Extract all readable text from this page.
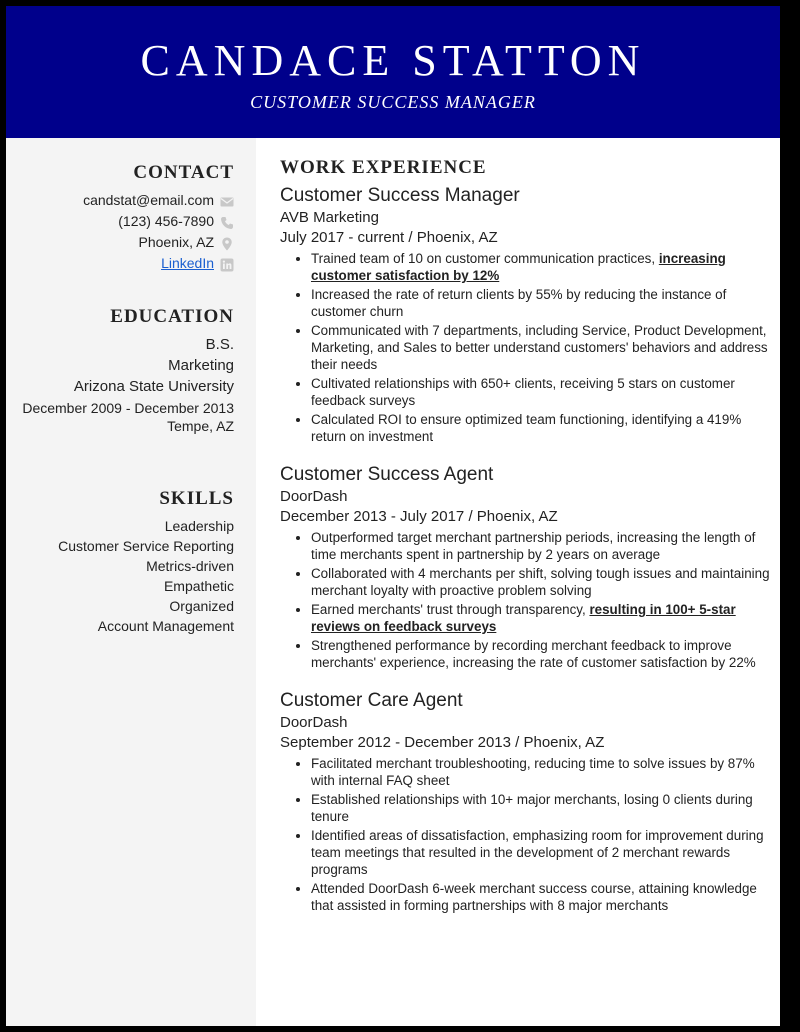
CANDACE STATTON
CUSTOMER SUCCESS MANAGER
CONTACT
candstat@email.com
(123) 456-7890
Phoenix, AZ
LinkedIn
EDUCATION
B.S.
Marketing
Arizona State University
December 2009 - December 2013
Tempe, AZ
SKILLS
Leadership
Customer Service Reporting
Metrics-driven
Empathetic
Organized
Account Management
WORK EXPERIENCE
Customer Success Manager
AVB Marketing
July 2017 - current / Phoenix, AZ
• Trained team of 10 on customer communication practices, increasing customer satisfaction by 12%
• Increased the rate of return clients by 55% by reducing the instance of customer churn
• Communicated with 7 departments, including Service, Product Development, Marketing, and Sales to better understand customers' behaviors and address their needs
• Cultivated relationships with 650+ clients, receiving 5 stars on customer feedback surveys
• Calculated ROI to ensure optimized team functioning, identifying a 419% return on investment
Customer Success Agent
DoorDash
December 2013 - July 2017 / Phoenix, AZ
• Outperformed target merchant partnership periods, increasing the length of time merchants spent in partnership by 2 years on average
• Collaborated with 4 merchants per shift, solving tough issues and maintaining merchant loyalty with proactive problem solving
• Earned merchants' trust through transparency, resulting in 100+ 5-star reviews on feedback surveys
• Strengthened performance by recording merchant feedback to improve merchants' experience, increasing the rate of customer satisfaction by 22%
Customer Care Agent
DoorDash
September 2012 - December 2013 / Phoenix, AZ
• Facilitated merchant troubleshooting, reducing time to solve issues by 87% with internal FAQ sheet
• Established relationships with 10+ major merchants, losing 0 clients during tenure
• Identified areas of dissatisfaction, emphasizing room for improvement during team meetings that resulted in the development of 2 merchant rewards programs
• Attended DoorDash 6-week merchant success course, attaining knowledge that assisted in forming partnerships with 8 major merchants
